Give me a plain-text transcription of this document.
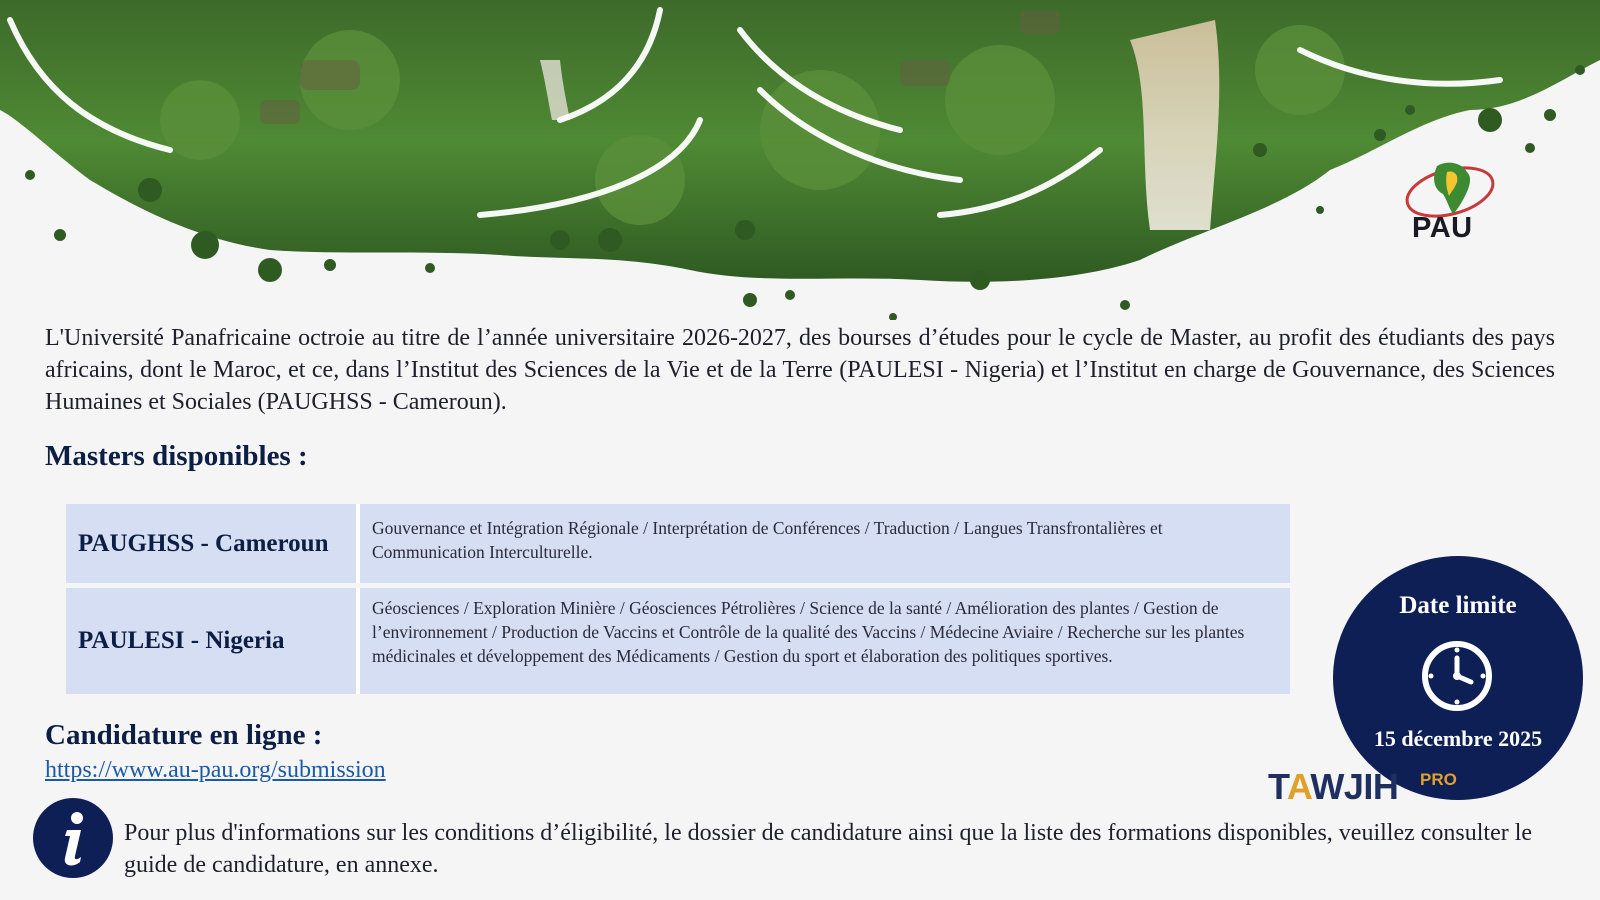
PAU
L'Université Panafricaine octroie au titre de l’année universitaire 2026-2027, des bourses d’études pour le cycle de Master, au profit des étudiants des pays africains, dont le Maroc, et ce, dans l’Institut des Sciences de la Vie et de la Terre (PAULESI - Nigeria) et l’Institut en charge de Gouvernance, des Sciences Humaines et Sociales (PAUGHSS - Cameroun).
Masters disponibles :
PAUGHSS - Cameroun
Gouvernance et Intégration Régionale / Interprétation de Conférences / Traduction / Langues Transfrontalières et Communication Interculturelle.
PAULESI - Nigeria
Géosciences / Exploration Minière / Géosciences Pétrolières / Science de la santé / Amélioration des plantes / Gestion de l’environnement / Production de Vaccins et Contrôle de la qualité des Vaccins / Médecine Aviaire / Recherche sur les plantes médicinales et développement des Médicaments / Gestion du sport et élaboration des politiques sportives.
Candidature en ligne :
https://www.au-pau.org/submission
Date limite
15 décembre 2025
TAWJIH PRO
Pour plus d'informations sur les conditions d’éligibilité, le dossier de candidature ainsi que la liste des formations disponibles, veuillez consulter le guide de candidature, en annexe.
